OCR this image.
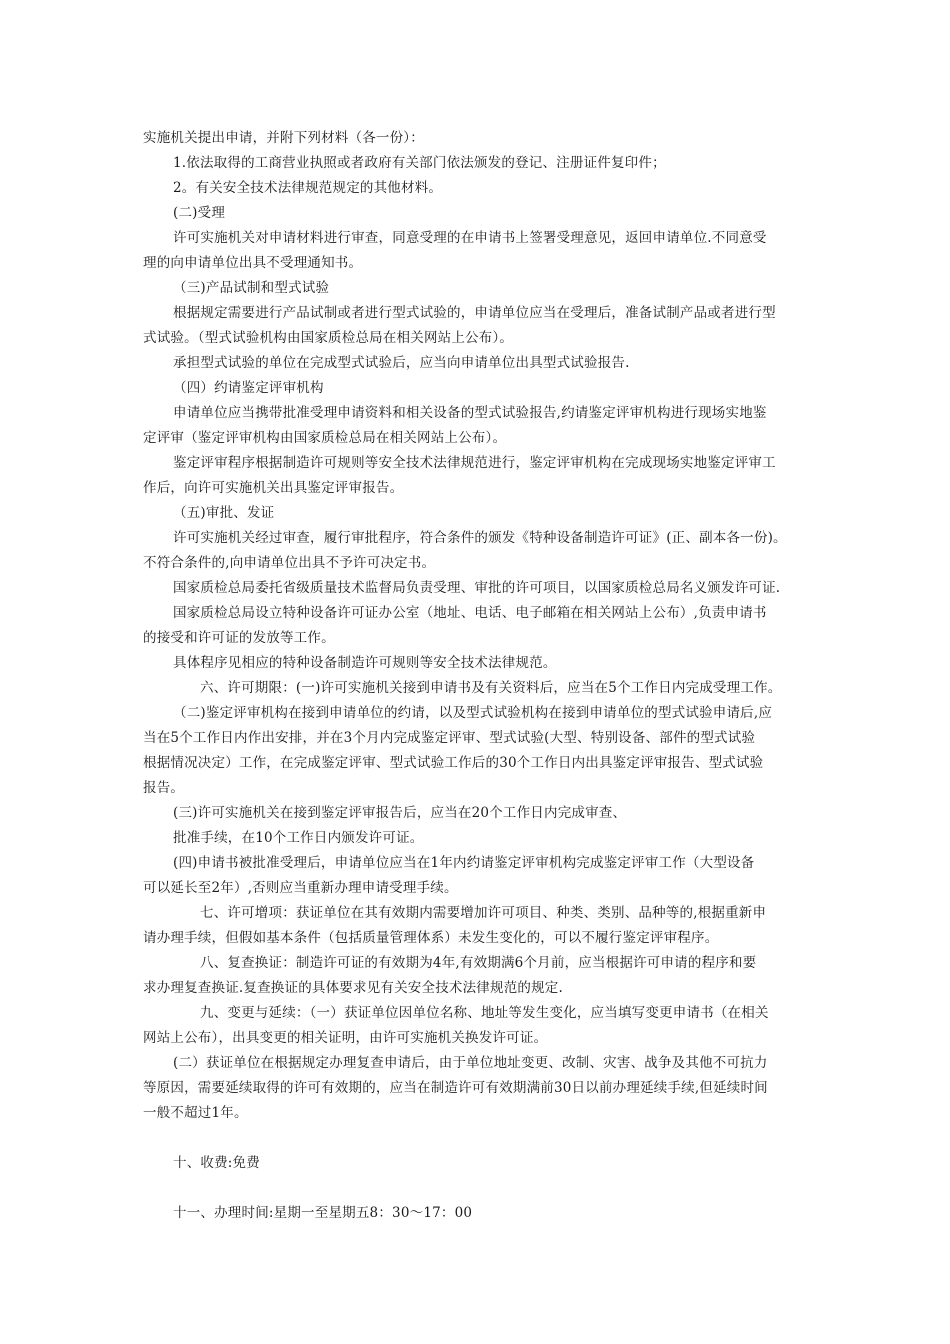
实施机关提出申请，并附下列材料（各一份）：
1.依法取得的工商营业执照或者政府有关部门依法颁发的登记、注册证件复印件；
2。有关安全技术法律规范规定的其他材料。
(二)受理
许可实施机关对申请材料进行审查，同意受理的在申请书上签署受理意见，返回申请单位.不同意受
理的向申请单位出具不受理通知书。
（三)产品试制和型式试验
根据规定需要进行产品试制或者进行型式试验的，申请单位应当在受理后，准备试制产品或者进行型
式试验。（型式试验机构由国家质检总局在相关网站上公布）。
承担型式试验的单位在完成型式试验后，应当向申请单位出具型式试验报告.
（四）约请鉴定评审机构
申请单位应当携带批准受理申请资料和相关设备的型式试验报告,约请鉴定评审机构进行现场实地鉴
定评审（鉴定评审机构由国家质检总局在相关网站上公布）。
鉴定评审程序根据制造许可规则等安全技术法律规范进行，鉴定评审机构在完成现场实地鉴定评审工
作后，向许可实施机关出具鉴定评审报告。
（五)审批、发证
许可实施机关经过审查，履行审批程序，符合条件的颁发《特种设备制造许可证》(正、副本各一份)。
不符合条件的,向申请单位出具不予许可决定书。
国家质检总局委托省级质量技术监督局负责受理、审批的许可项目，以国家质检总局名义颁发许可证.
国家质检总局设立特种设备许可证办公室（地址、电话、电子邮箱在相关网站上公布）,负责申请书
的接受和许可证的发放等工作。
具体程序见相应的特种设备制造许可规则等安全技术法律规范。
六、许可期限：(一)许可实施机关接到申请书及有关资料后，应当在5个工作日内完成受理工作。
（二)鉴定评审机构在接到申请单位的约请，以及型式试验机构在接到申请单位的型式试验申请后,应
当在5个工作日内作出安排，并在3个月内完成鉴定评审、型式试验(大型、特别设备、部件的型式试验
根据情况决定）工作，在完成鉴定评审、型式试验工作后的30个工作日内出具鉴定评审报告、型式试验
报告。
(三)许可实施机关在接到鉴定评审报告后，应当在20个工作日内完成审查、
批准手续，在10个工作日内颁发许可证。
(四)申请书被批准受理后，申请单位应当在1年内约请鉴定评审机构完成鉴定评审工作（大型设备
可以延长至2年）,否则应当重新办理申请受理手续。
七、许可增项：获证单位在其有效期内需要增加许可项目、种类、类别、品种等的,根据重新申
请办理手续，但假如基本条件（包括质量管理体系）未发生变化的，可以不履行鉴定评审程序。
八、复查换证：制造许可证的有效期为4年,有效期满6个月前，应当根据许可申请的程序和要
求办理复查换证.复查换证的具体要求见有关安全技术法律规范的规定.
九、变更与延续：（一）获证单位因单位名称、地址等发生变化，应当填写变更申请书（在相关
网站上公布），出具变更的相关证明，由许可实施机关换发许可证。
(二）获证单位在根据规定办理复查申请后，由于单位地址变更、改制、灾害、战争及其他不可抗力
等原因，需要延续取得的许可有效期的，应当在制造许可有效期满前30日以前办理延续手续,但延续时间
一般不超过1年。
十、收费:免费
十一、办理时间:星期一至星期五8：30～17：00
